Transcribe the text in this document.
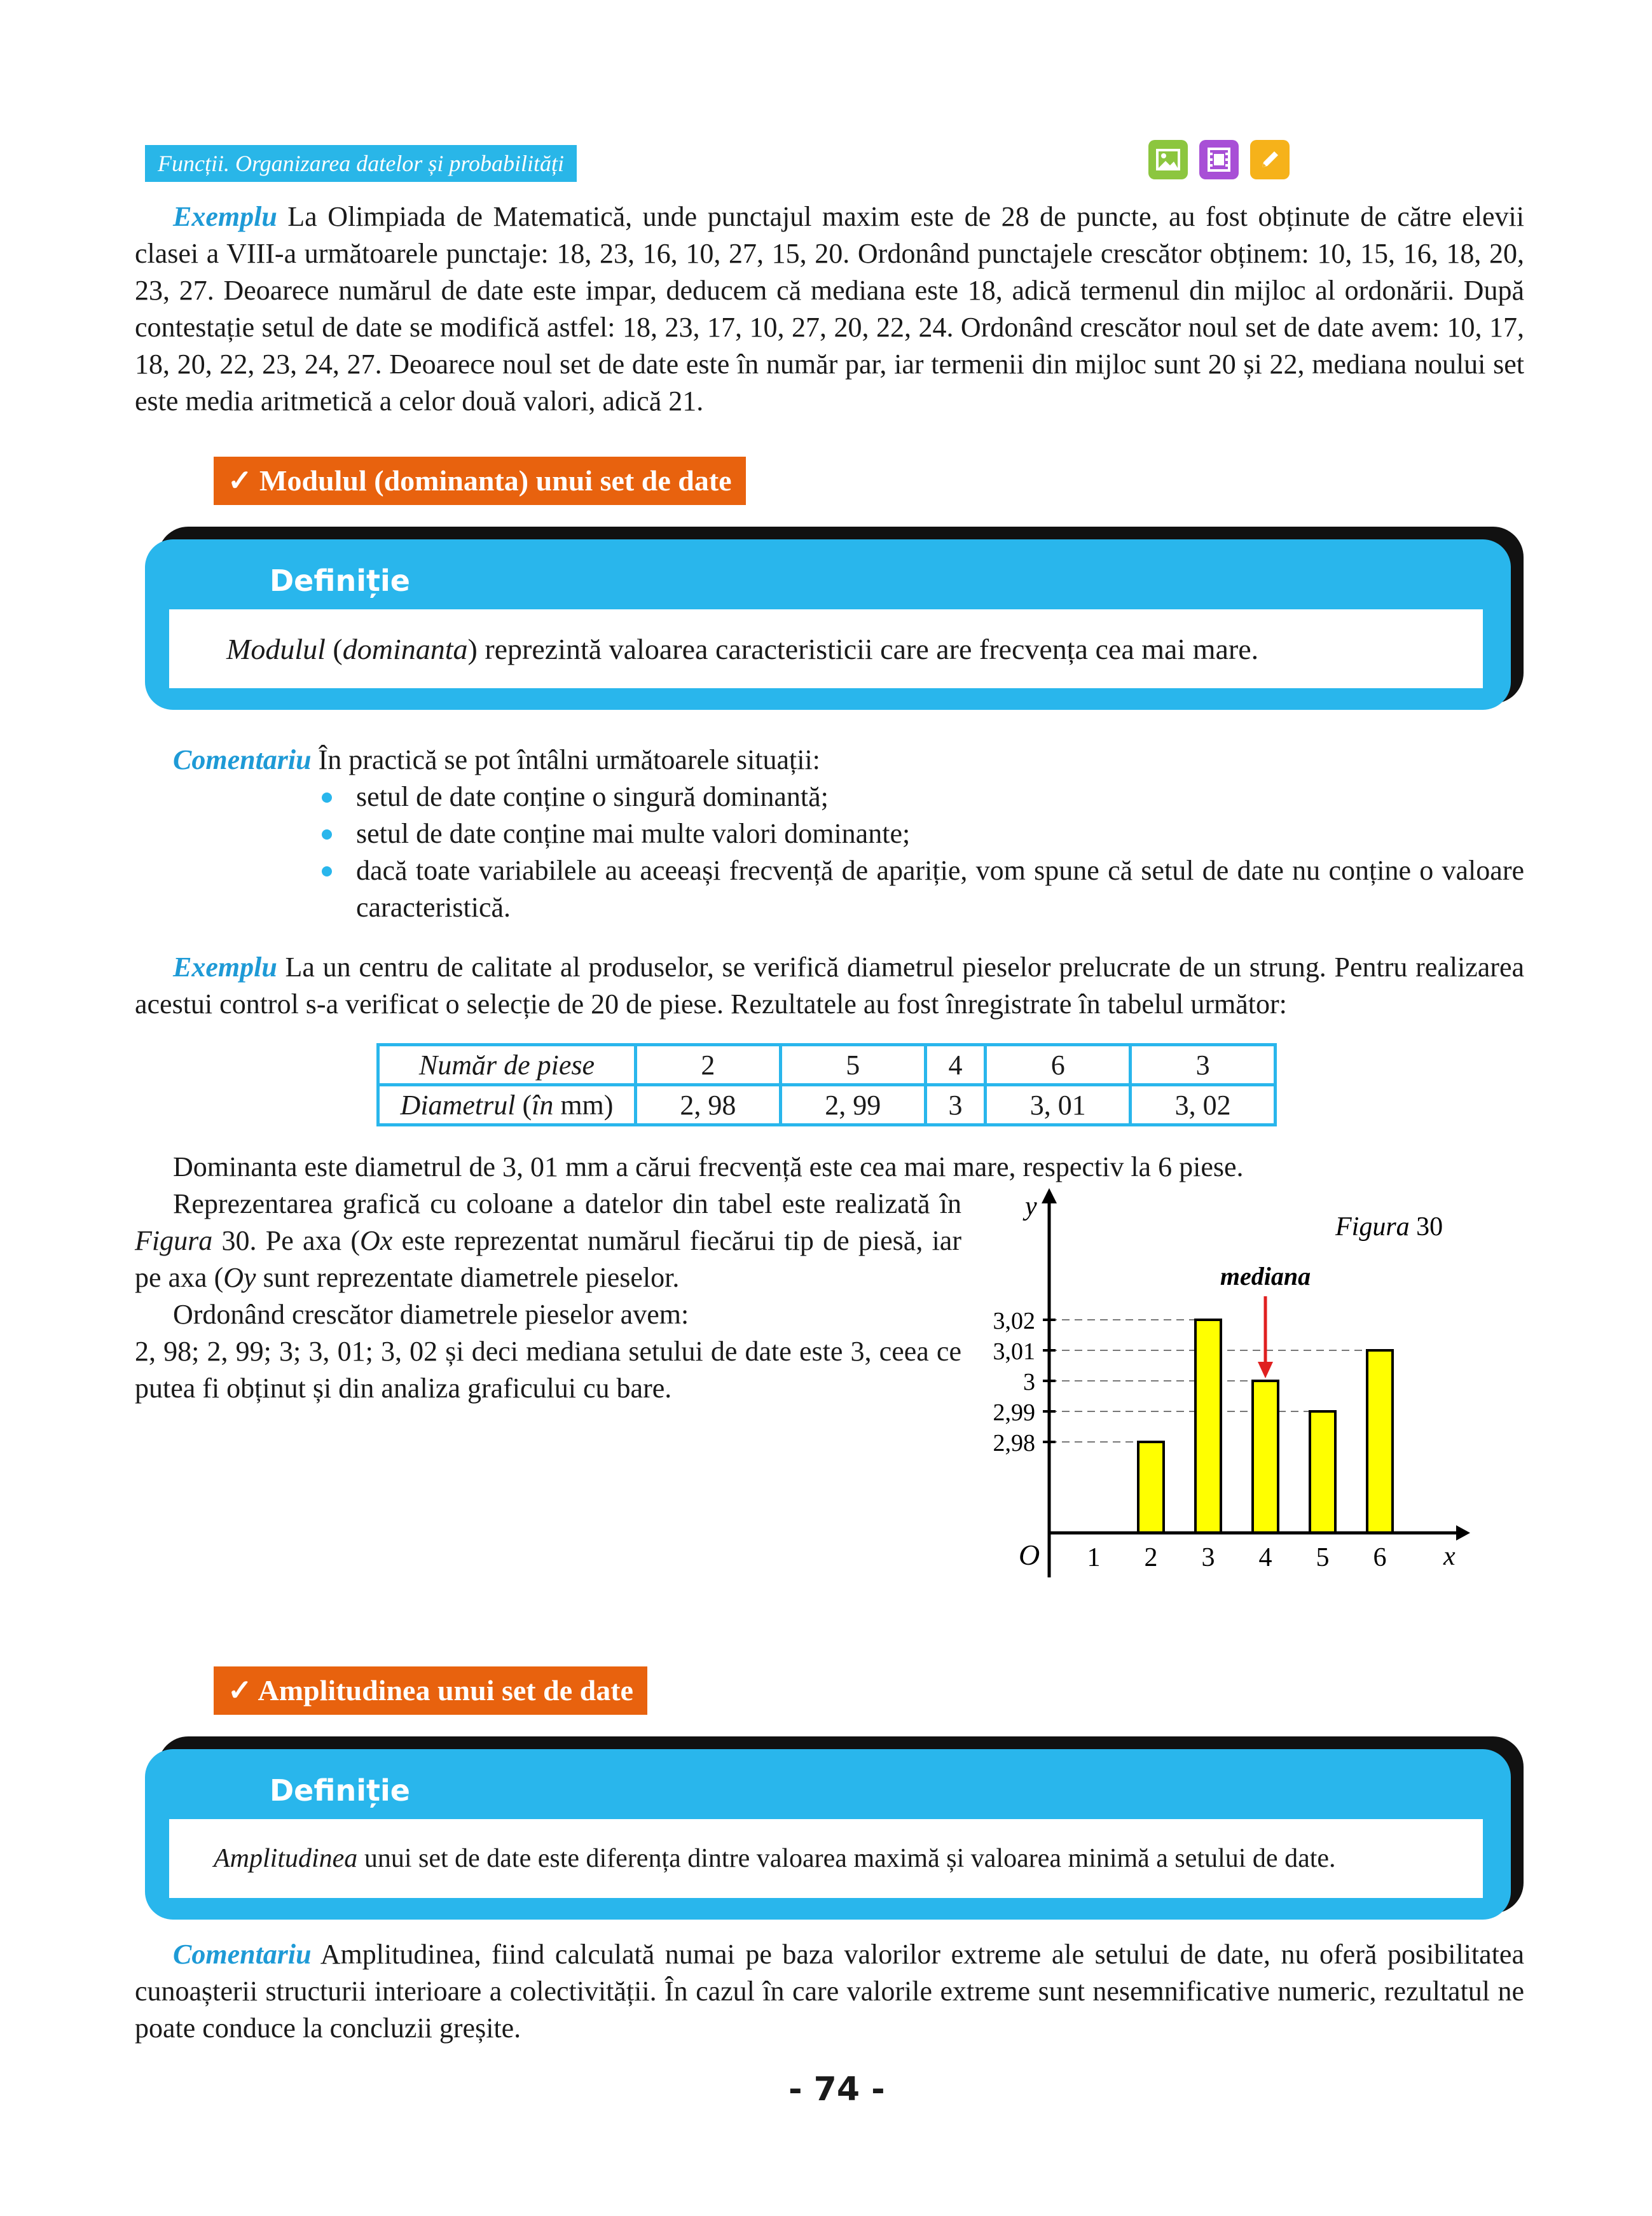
Funcții. Organizarea datelor și probabilități

Exemplu La Olimpiada de Matematică, unde punctajul maxim este de 28 de puncte, au fost obținute de către elevii clasei a VIII-a următoarele punctaje: 18, 23, 16, 10, 27, 15, 20. Ordonând punctajele crescător obținem: 10, 15, 16, 18, 20, 23, 27. Deoarece numărul de date este impar, deducem că mediana este 18, adică termenul din mijloc al ordonării. După contestație setul de date se modifică astfel: 18, 23, 17, 10, 27, 20, 22, 24. Ordonând crescător noul set de date avem: 10, 17, 18, 20, 22, 23, 24, 27. Deoarece noul set de date este în număr par, iar termenii din mijloc sunt 20 și 22, mediana noului set este media aritmetică a celor două valori, adică 21.

✓ Modulul (dominanta) unui set de date
Definiție
Modulul (dominanta) reprezintă valoarea caracteristicii care are frecvența cea mai mare.

Comentariu În practică se pot întâlni următoarele situații:

setul de date conține o singură dominantă;
setul de date conține mai multe valori dominante;
dacă toate variabilele au aceeași frecvență de apariție, vom spune că setul de date nu conține o valoare caracteristică.

Exemplu La un centru de calitate al produselor, se verifică diametrul pieselor prelucrate de un strung. Pentru realizarea acestui control s-a verificat o selecție de 20 de piese. Rezultatele au fost înregistrate în tabelul următor:

Număr de piese	2	5	4	6	3
Diametrul (în mm)	2, 98	2, 99	3	3, 01	3, 02

Dominanta este diametrul de 3, 01 mm a cărui frecvență este cea mai mare, respectiv la 6 piese.

Reprezentarea grafică cu coloane a datelor din tabel este realizată în Figura 30. Pe axa (Ox este reprezentat numărul fiecărui tip de piesă, iar pe axa (Oy sunt reprezentate diametrele pieselor.

Ordonând crescător diametrele pieselor avem:

2, 98; 2, 99; 3; 3, 01; 3, 02 și deci mediana setului de date este 3, ceea ce putea fi obținut și din analiza graficului cu bare.

y
x
O
Figura 30
mediana
2,98
2,99
3
3,01
3,02
1 2 3 4 5 6
✓ Amplitudinea unui set de date
Definiție
Amplitudinea unui set de date este diferența dintre valoarea maximă și valoarea minimă a setului de date.

Comentariu Amplitudinea, fiind calculată numai pe baza valorilor extreme ale setului de date, nu oferă posibilitatea cunoașterii structurii interioare a colectivității. În cazul în care valorile extreme sunt nesemnificative numeric, rezultatul ne poate conduce la concluzii greșite.

- 74 -
